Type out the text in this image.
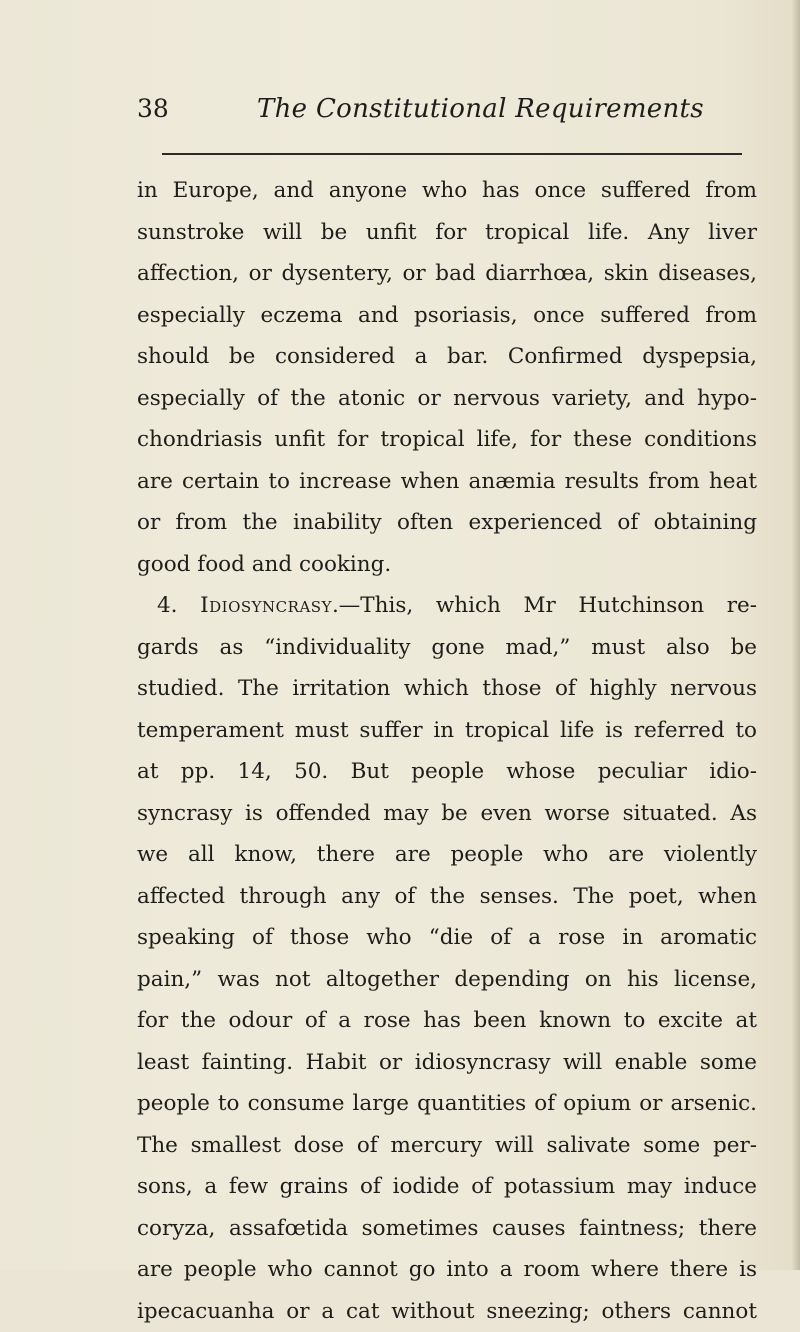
38	The Constitutional Requirements
in Europe, and anyone who has once suffered from
sunstroke will be unfit for tropical life. Any liver
affection, or dysentery, or bad diarrhœa, skin diseases,
especially eczema and psoriasis, once suffered from
should be considered a bar. Confirmed dyspepsia,
especially of the atonic or nervous variety, and hypo-
chondriasis unfit for tropical life, for these conditions
are certain to increase when anæmia results from heat
or from the inability often experienced of obtaining
good food and cooking.
4. Idiosyncrasy.—This, which Mr Hutchinson re-
gards as “individuality gone mad,” must also be
studied. The irritation which those of highly nervous
temperament must suffer in tropical life is referred to
at pp. 14, 50. But people whose peculiar idio-
syncrasy is offended may be even worse situated. As
we all know, there are people who are violently
affected through any of the senses. The poet, when
speaking of those who “die of a rose in aromatic
pain,” was not altogether depending on his license,
for the odour of a rose has been known to excite at
least fainting. Habit or idiosyncrasy will enable some
people to consume large quantities of opium or arsenic.
The smallest dose of mercury will salivate some per-
sons, a few grains of iodide of potassium may induce
coryza, assafœtida sometimes causes faintness; there
are people who cannot go into a room where there is
ipecacuanha or a cat without sneezing; others cannot
